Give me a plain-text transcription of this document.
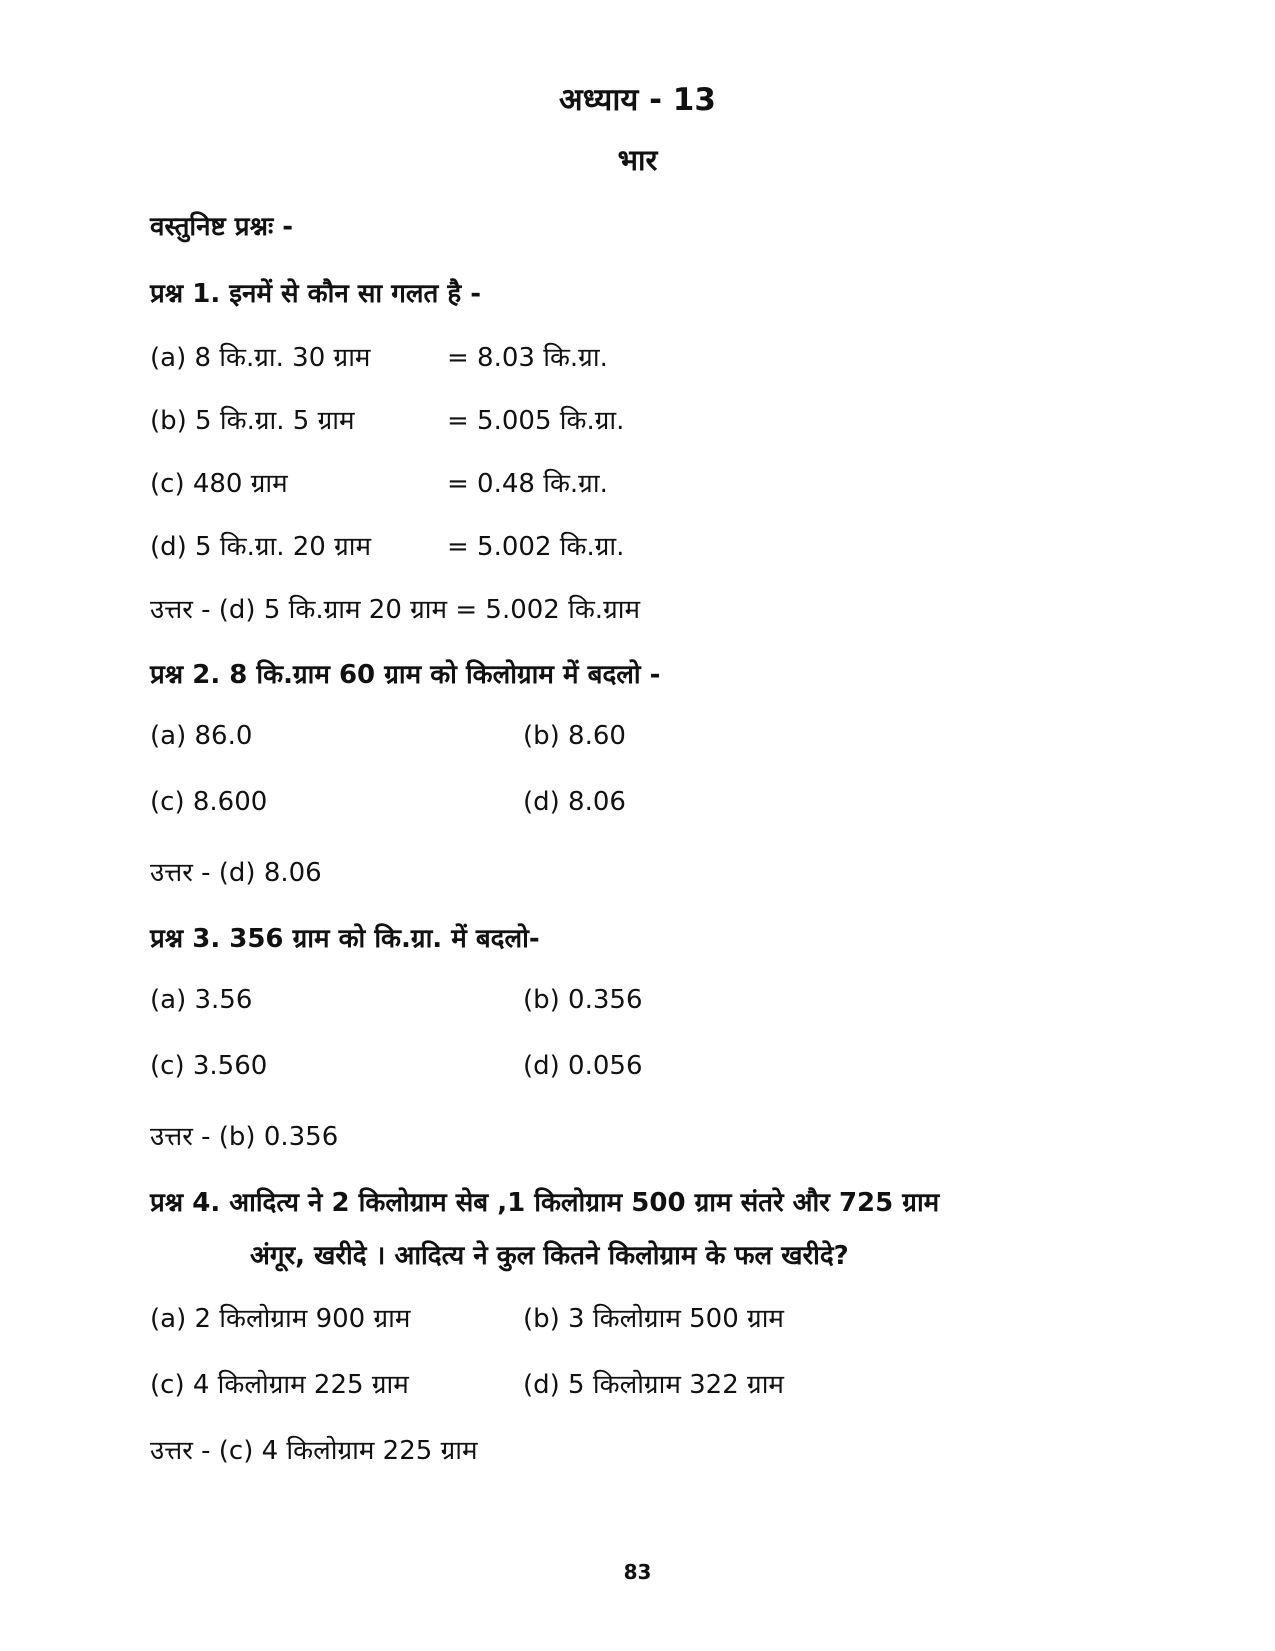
अध्याय - 13
भार
वस्तुनिष्ट प्रश्नः -
प्रश्न 1. इनमें से कौन सा गलत है -
(a) 8 कि.ग्रा. 30 ग्राम	= 8.03 कि.ग्रा.
(b) 5 कि.ग्रा. 5 ग्राम	= 5.005 कि.ग्रा.
(c) 480 ग्राम	= 0.48 कि.ग्रा.
(d) 5 कि.ग्रा. 20 ग्राम	= 5.002 कि.ग्रा.
उत्तर - (d) 5 कि.ग्राम 20 ग्राम = 5.002 कि.ग्राम
प्रश्न 2. 8 कि.ग्राम 60 ग्राम को किलोग्राम में बदलो -
(a) 86.0	(b) 8.60
(c) 8.600	(d) 8.06
उत्तर - (d) 8.06
प्रश्न 3. 356 ग्राम को कि.ग्रा. में बदलो-
(a) 3.56	(b) 0.356
(c) 3.560	(d) 0.056
उत्तर - (b) 0.356
प्रश्न 4. आदित्य ने 2 किलोग्राम सेब ,1 किलोग्राम 500 ग्राम संतरे और 725 ग्राम
अंगूर, खरीदे । आदित्य ने कुल कितने किलोग्राम के फल खरीदे?
(a) 2 किलोग्राम 900 ग्राम	(b) 3 किलोग्राम 500 ग्राम
(c) 4 किलोग्राम 225 ग्राम	(d) 5 किलोग्राम 322 ग्राम
उत्तर - (c) 4 किलोग्राम 225 ग्राम
83
